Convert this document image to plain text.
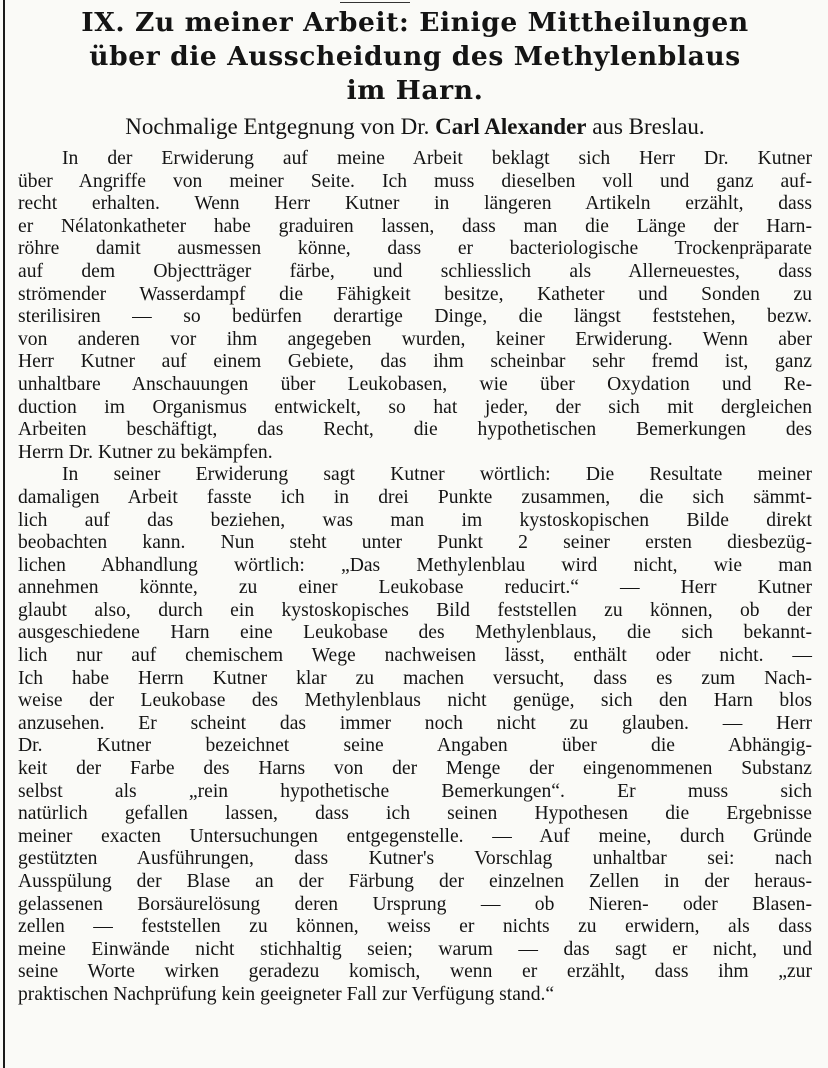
IX. Zu meiner Arbeit: Einige Mittheilungen
über die Ausscheidung des Methylenblaus
im Harn.
Nochmalige Entgegnung von Dr. Carl Alexander aus Breslau.

In der Erwiderung auf meine Arbeit beklagt sich Herr Dr. Kutner
über Angriffe von meiner Seite. Ich muss dieselben voll und ganz auf-
recht erhalten. Wenn Herr Kutner in längeren Artikeln erzählt, dass
er Nélatonkatheter habe graduiren lassen, dass man die Länge der Harn-
röhre damit ausmessen könne, dass er bacteriologische Trockenpräparate
auf dem Objectträger färbe, und schliesslich als Allerneuestes, dass
strömender Wasserdampf die Fähigkeit besitze, Katheter und Sonden zu
sterilisiren — so bedürfen derartige Dinge, die längst feststehen, bezw.
von anderen vor ihm angegeben wurden, keiner Erwiderung. Wenn aber
Herr Kutner auf einem Gebiete, das ihm scheinbar sehr fremd ist, ganz
unhaltbare Anschauungen über Leukobasen, wie über Oxydation und Re-
duction im Organismus entwickelt, so hat jeder, der sich mit dergleichen
Arbeiten beschäftigt, das Recht, die hypothetischen Bemerkungen des
Herrn Dr. Kutner zu bekämpfen.

In seiner Erwiderung sagt Kutner wörtlich: Die Resultate meiner
damaligen Arbeit fasste ich in drei Punkte zusammen, die sich sämmt-
lich auf das beziehen, was man im kystoskopischen Bilde direkt
beobachten kann. Nun steht unter Punkt 2 seiner ersten diesbezüg-
lichen Abhandlung wörtlich: „Das Methylenblau wird nicht, wie man
annehmen könnte, zu einer Leukobase reducirt.“ — Herr Kutner
glaubt also, durch ein kystoskopisches Bild feststellen zu können, ob der
ausgeschiedene Harn eine Leukobase des Methylenblaus, die sich bekannt-
lich nur auf chemischem Wege nachweisen lässt, enthält oder nicht. —
Ich habe Herrn Kutner klar zu machen versucht, dass es zum Nach-
weise der Leukobase des Methylenblaus nicht genüge, sich den Harn blos
anzusehen. Er scheint das immer noch nicht zu glauben. — Herr
Dr. Kutner bezeichnet seine Angaben über die Abhängig-
keit der Farbe des Harns von der Menge der eingenommenen Substanz
selbst als „rein hypothetische Bemerkungen“. Er muss sich
natürlich gefallen lassen, dass ich seinen Hypothesen die Ergebnisse
meiner exacten Untersuchungen entgegenstelle. — Auf meine, durch Gründe
gestützten Ausführungen, dass Kutner's Vorschlag unhaltbar sei: nach
Ausspülung der Blase an der Färbung der einzelnen Zellen in der heraus-
gelassenen Borsäurelösung deren Ursprung — ob Nieren- oder Blasen-
zellen — feststellen zu können, weiss er nichts zu erwidern, als dass
meine Einwände nicht stichhaltig seien; warum — das sagt er nicht, und
seine Worte wirken geradezu komisch, wenn er erzählt, dass ihm „zur
praktischen Nachprüfung kein geeigneter Fall zur Verfügung stand.“
